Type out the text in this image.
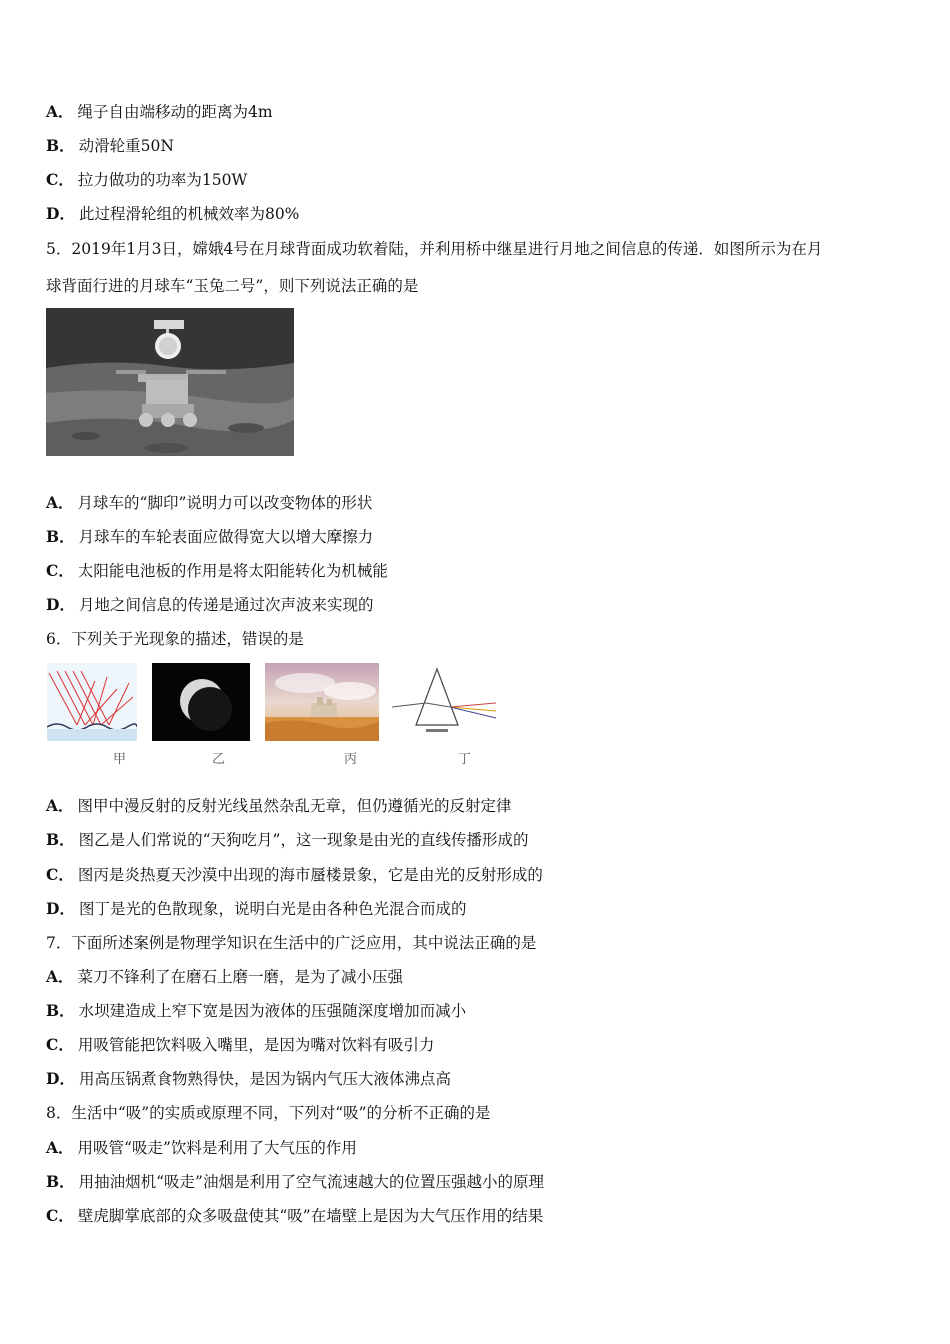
A． 绳子自由端移动的距离为4m
B． 动滑轮重50N
C． 拉力做功的功率为150W
D． 此过程滑轮组的机械效率为80%
5．2019年1月3日，嫦娥4号在月球背面成功软着陆，并利用桥中继星进行月地之间信息的传递．如图所示为在月
球背面行进的月球车“玉兔二号”，则下列说法正确的是
A． 月球车的“脚印”说明力可以改变物体的形状
B． 月球车的车轮表面应做得宽大以增大摩擦力
C． 太阳能电池板的作用是将太阳能转化为机械能
D． 月地之间信息的传递是通过次声波来实现的
6．下列关于光现象的描述，错误的是
甲	乙	丙	丁
A． 图甲中漫反射的反射光线虽然杂乱无章，但仍遵循光的反射定律
B． 图乙是人们常说的“天狗吃月”，这一现象是由光的直线传播形成的
C． 图丙是炎热夏天沙漠中出现的海市蜃楼景象，它是由光的反射形成的
D． 图丁是光的色散现象，说明白光是由各种色光混合而成的
7．下面所述案例是物理学知识在生活中的广泛应用，其中说法正确的是
A． 菜刀不锋利了在磨石上磨一磨，是为了减小压强
B． 水坝建造成上窄下宽是因为液体的压强随深度增加而减小
C． 用吸管能把饮料吸入嘴里，是因为嘴对饮料有吸引力
D． 用高压锅煮食物熟得快，是因为锅内气压大液体沸点高
8．生活中“吸”的实质或原理不同，下列对“吸”的分析不正确的是
A． 用吸管“吸走”饮料是利用了大气压的作用
B． 用抽油烟机“吸走”油烟是利用了空气流速越大的位置压强越小的原理
C． 壁虎脚掌底部的众多吸盘使其“吸”在墙壁上是因为大气压作用的结果
